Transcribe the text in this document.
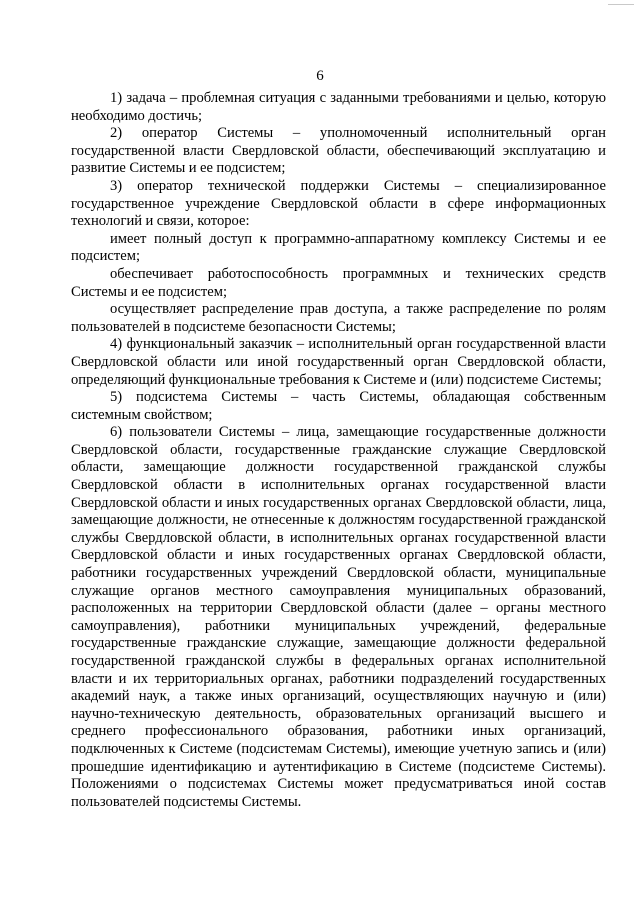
6

1) задача – проблемная ситуация с заданными требованиями и целью, которую необходимо достичь;

2) оператор Системы – уполномоченный исполнительный орган государственной власти Свердловской области, обеспечивающий эксплуатацию и развитие Системы и ее подсистем;

3) оператор технической поддержки Системы – специализированное государственное учреждение Свердловской области в сфере информационных технологий и связи, которое:

имеет полный доступ к программно-аппаратному комплексу Системы и ее подсистем;

обеспечивает работоспособность программных и технических средств Системы и ее подсистем;

осуществляет распределение прав доступа, а также распределение по ролям пользователей в подсистеме безопасности Системы;

4) функциональный заказчик – исполнительный орган государственной власти Свердловской области или иной государственный орган Свердловской области, определяющий функциональные требования к Системе и (или) подсистеме Системы;

5) подсистема Системы – часть Системы, обладающая собственным системным свойством;

6) пользователи Системы – лица, замещающие государственные должности Свердловской области, государственные гражданские служащие Свердловской области, замещающие должности государственной гражданской службы Свердловской области в исполнительных органах государственной власти Свердловской области и иных государственных органах Свердловской области, лица, замещающие должности, не отнесенные к должностям государственной гражданской службы Свердловской области, в исполнительных органах государственной власти Свердловской области и иных государственных органах Свердловской области, работники государственных учреждений Свердловской области, муниципальные служащие органов местного самоуправления муниципальных образований, расположенных на территории Свердловской области (далее – органы местного самоуправления), работники муниципальных учреждений, федеральные государственные гражданские служащие, замещающие должности федеральной государственной гражданской службы в федеральных органах исполнительной власти и их территориальных органах, работники подразделений государственных академий наук, а также иных организаций, осуществляющих научную и (или) научно-техническую деятельность, образовательных организаций высшего и среднего профессионального образования, работники иных организаций, подключенных к Системе (подсистемам Системы), имеющие учетную запись и (или) прошедшие идентификацию и аутентификацию в Системе (подсистеме Системы). Положениями о подсистемах Системы может предусматриваться иной состав пользователей подсистемы Системы.
